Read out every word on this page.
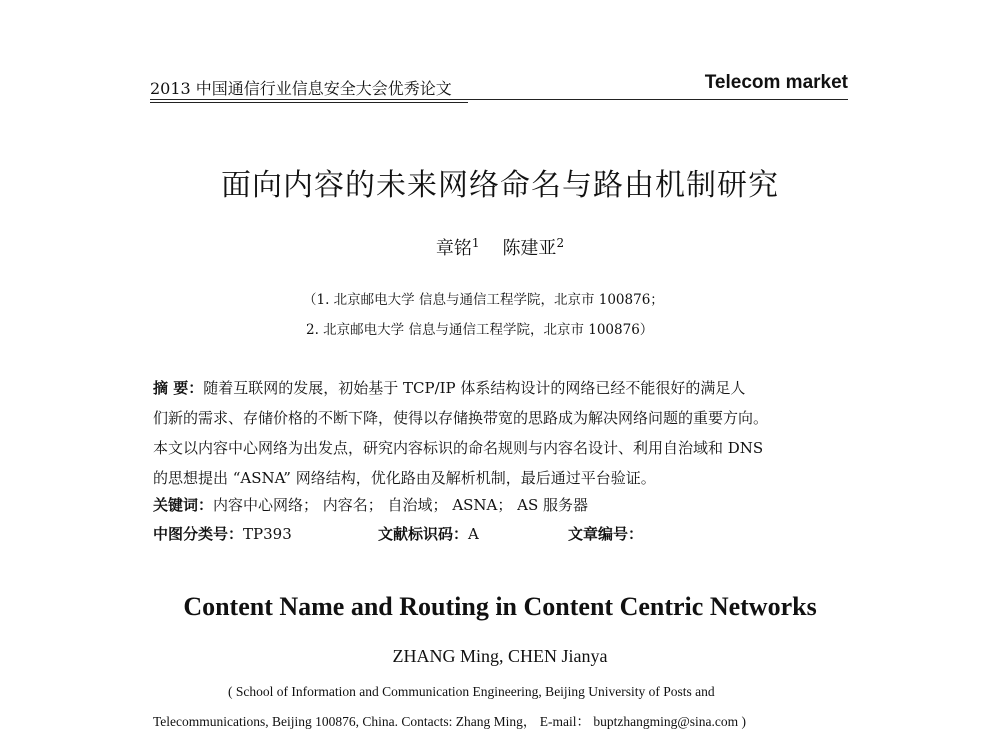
2013 中国通信行业信息安全大会优秀论文	Telecom market
面向内容的未来网络命名与路由机制研究
章铭$^1$ 陈建亚$^2$
（1. 北京邮电大学 信息与通信工程学院，北京市 100876；
2. 北京邮电大学 信息与通信工程学院，北京市 100876）
摘 要：随着互联网的发展，初始基于 TCP/IP 体系结构设计的网络已经不能很好的满足人
们新的需求、存储价格的不断下降，使得以存储换带宽的思路成为解决网络问题的重要方向。
本文以内容中心网络为出发点，研究内容标识的命名规则与内容名设计、利用自治域和 DNS
的思想提出 “ASNA” 网络结构，优化路由及解析机制，最后通过平台验证。
关键词：内容中心网络； 内容名； 自治域； ASNA； AS 服务器
中图分类号：TP393	文献标识码：A	文章编号：
Content Name and Routing in Content Centric Networks
ZHANG Ming, CHEN Jianya
( School of Information and Communication Engineering, Beijing University of Posts and
Telecommunications, Beijing 100876, China. Contacts: Zhang Ming， E-mail： buptzhangming@sina.com )
